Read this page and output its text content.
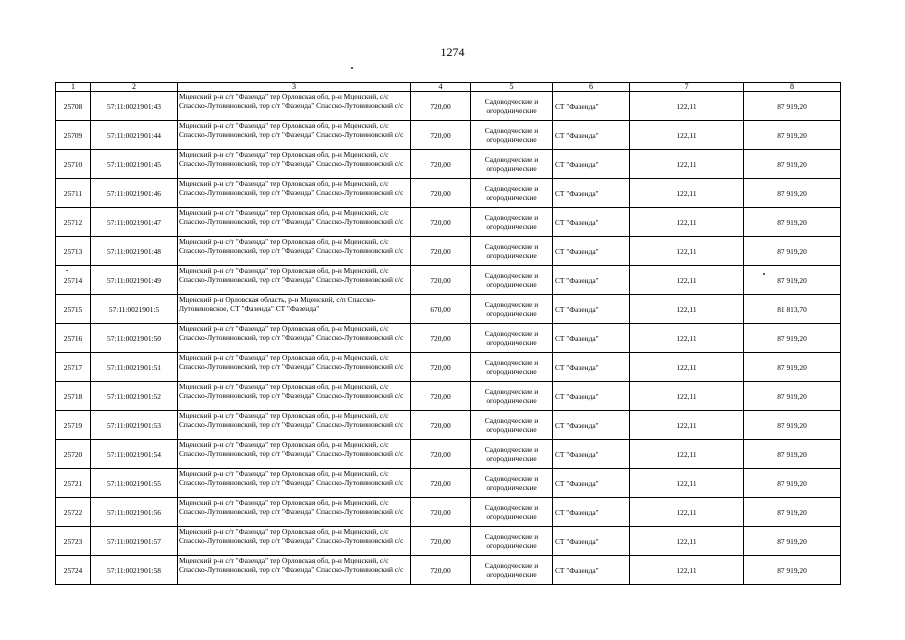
1274
1	2	3	4	5	6	7	8
25708	57:11:0021901:43	Мценский р-н с/т "Фазенда" тер Орловская обл, р-н Мценский, с/с Спасско-Лутовиновский, тер с/т "Фазенда" Спасско-Лутовиновский с/с	720,00	Садоводческие и огороднические	СТ "Фазенда"	122,11	87 919,20
25709	57:11:0021901:44	Мценский р-н с/т "Фазенда" тер Орловская обл, р-н Мценский, с/с Спасско-Лутовиновский, тер с/т "Фазенда" Спасско-Лутовиновский с/с	720,00	Садоводческие и огороднические	СТ "Фазенда"	122,11	87 919,20
25710	57:11:0021901:45	Мценский р-н с/т "Фазенда" тер Орловская обл, р-н Мценский, с/с Спасско-Лутовиновский, тер с/т "Фазенда" Спасско-Лутовиновский с/с	720,00	Садоводческие и огороднические	СТ "Фазенда"	122,11	87 919,20
25711	57:11:0021901:46	Мценский р-н с/т "Фазенда" тер Орловская обл, р-н Мценский, с/с Спасско-Лутовиновский, тер с/т "Фазенда" Спасско-Лутовиновский с/с	720,00	Садоводческие и огороднические	СТ "Фазенда"	122,11	87 919,20
25712	57:11:0021901:47	Мценский р-н с/т "Фазенда" тер Орловская обл, р-н Мценский, с/с Спасско-Лутовиновский, тер с/т "Фазенда" Спасско-Лутовиновский с/с	720,00	Садоводческие и огороднические	СТ "Фазенда"	122,11	87 919,20
25713	57:11:0021901:48	Мценский р-н с/т "Фазенда" тер Орловская обл, р-н Мценский, с/с Спасско-Лутовиновский, тер с/т "Фазенда" Спасско-Лутовиновский с/с	720,00	Садоводческие и огороднические	СТ "Фазенда"	122,11	87 919,20
25714	57:11:0021901:49	Мценский р-н с/т "Фазенда" тер Орловская обл, р-н Мценский, с/с Спасско-Лутовиновский, тер с/т "Фазенда" Спасско-Лутовиновский с/с	720,00	Садоводческие и огороднические	СТ "Фазенда"	122,11	87 919,20
25715	57:11:0021901:5	Мценский р-н Орловская область, р-н Мценский, с/п Спасско-Лутовиновское, СТ "Фазенда" СТ "Фазенда"	670,00	Садоводческие и огороднические	СТ "Фазенда"	122,11	81 813,70
25716	57:11:0021901:50	Мценский р-н с/т "Фазенда" тер Орловская обл, р-н Мценский, с/с Спасско-Лутовиновский, тер с/т "Фазенда" Спасско-Лутовиновский с/с	720,00	Садоводческие и огороднические	СТ "Фазенда"	122,11	87 919,20
25717	57:11:0021901:51	Мценский р-н с/т "Фазенда" тер Орловская обл, р-н Мценский, с/с Спасско-Лутовиновский, тер с/т "Фазенда" Спасско-Лутовиновский с/с	720,00	Садоводческие и огороднические	СТ "Фазенда"	122,11	87 919,20
25718	57:11:0021901:52	Мценский р-н с/т "Фазенда" тер Орловская обл, р-н Мценский, с/с Спасско-Лутовиновский, тер с/т "Фазенда" Спасско-Лутовиновский с/с	720,00	Садоводческие и огороднические	СТ "Фазенда"	122,11	87 919,20
25719	57:11:0021901:53	Мценский р-н с/т "Фазенда" тер Орловская обл, р-н Мценский, с/с Спасско-Лутовиновский, тер с/т "Фазенда" Спасско-Лутовиновский с/с	720,00	Садоводческие и огороднические	СТ "Фазенда"	122,11	87 919,20
25720	57:11:0021901:54	Мценский р-н с/т "Фазенда" тер Орловская обл, р-н Мценский, с/с Спасско-Лутовиновский, тер с/т "Фазенда" Спасско-Лутовиновский с/с	720,00	Садоводческие и огороднические	СТ "Фазенда"	122,11	87 919,20
25721	57:11:0021901:55	Мценский р-н с/т "Фазенда" тер Орловская обл, р-н Мценский, с/с Спасско-Лутовиновский, тер с/т "Фазенда" Спасско-Лутовиновский с/с	720,00	Садоводческие и огороднические	СТ "Фазенда"	122,11	87 919,20
25722	57:11:0021901:56	Мценский р-н с/т "Фазенда" тер Орловская обл, р-н Мценский, с/с Спасско-Лутовиновский, тер с/т "Фазенда" Спасско-Лутовиновский с/с	720,00	Садоводческие и огороднические	СТ "Фазенда"	122,11	87 919,20
25723	57:11:0021901:57	Мценский р-н с/т "Фазенда" тер Орловская обл, р-н Мценский, с/с Спасско-Лутовиновский, тер с/т "Фазенда" Спасско-Лутовиновский с/с	720,00	Садоводческие и огороднические	СТ "Фазенда"	122,11	87 919,20
25724	57:11:0021901:58	Мценский р-н с/т "Фазенда" тер Орловская обл, р-н Мценский, с/с Спасско-Лутовиновский, тер с/т "Фазенда" Спасско-Лутовиновский с/с	720,00	Садоводческие и огороднические	СТ "Фазенда"	122,11	87 919,20
